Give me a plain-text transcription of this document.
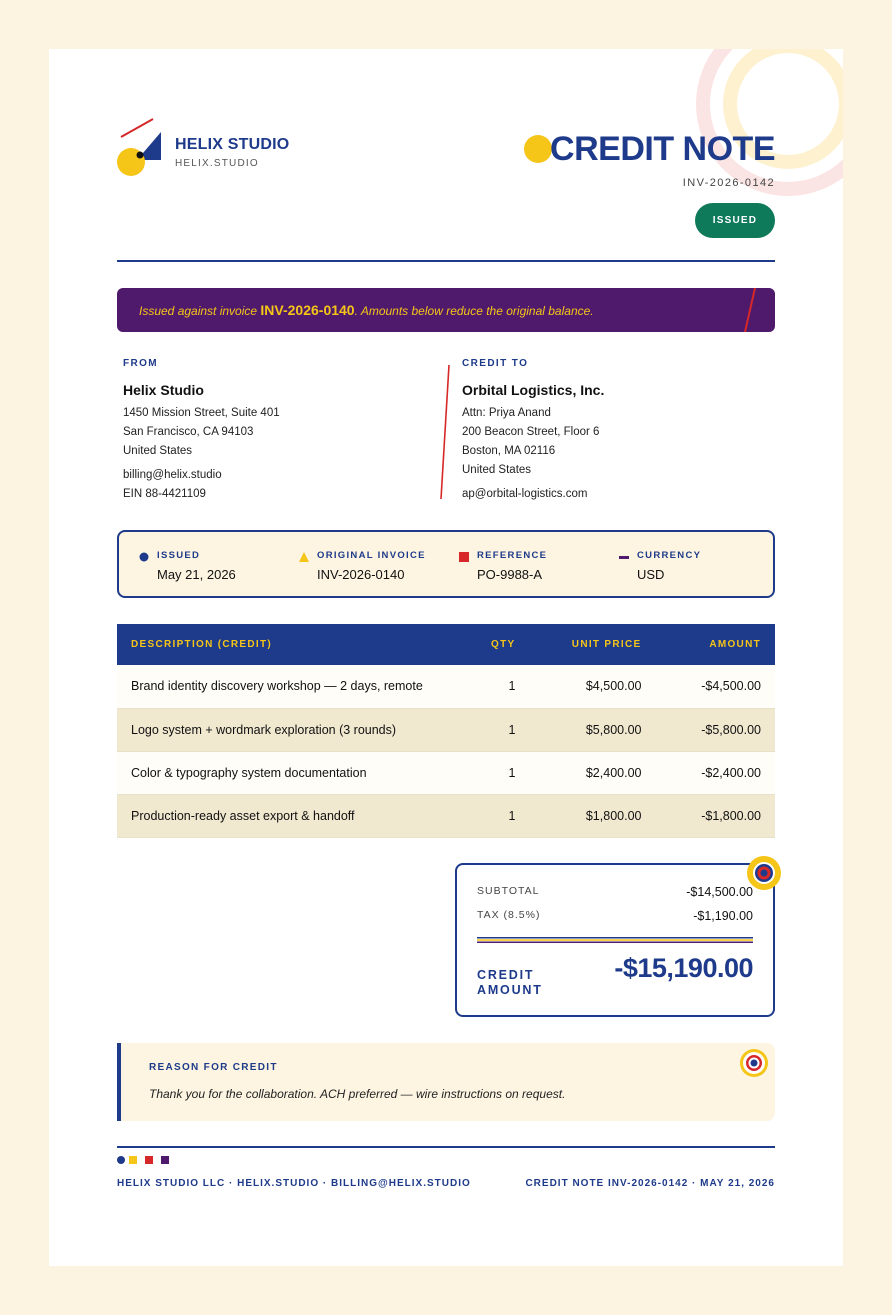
HELIX STUDIO
HELIX.STUDIO	CREDIT NOTE
INV-2026-0142
ISSUED
Issued against invoice INV-2026-0140. Amounts below reduce the original balance.
FROM
Helix Studio
1450 Mission Street, Suite 401
San Francisco, CA 94103
United States
billing@helix.studio
EIN 88-4421109
CREDIT TO
Orbital Logistics, Inc.
Attn: Priya Anand
200 Beacon Street, Floor 6
Boston, MA 02116
United States
ap@orbital-logistics.com
ISSUED
May 21, 2026
ORIGINAL INVOICE
INV-2026-0140
REFERENCE
PO-9988-A
CURRENCY
USD
DESCRIPTION (CREDIT)	QTY	UNIT PRICE	AMOUNT
Brand identity discovery workshop — 2 days, remote	1	$4,500.00	-$4,500.00
Logo system + wordmark exploration (3 rounds)	1	$5,800.00	-$5,800.00
Color & typography system documentation	1	$2,400.00	-$2,400.00
Production-ready asset export & handoff	1	$1,800.00	-$1,800.00
SUBTOTAL	-$14,500.00
TAX (8.5%)	-$1,190.00
CREDIT AMOUNT
-$15,190.00
REASON FOR CREDIT
Thank you for the collaboration. ACH preferred — wire instructions on request.
HELIX STUDIO LLC · HELIX.STUDIO · BILLING@HELIX.STUDIO	CREDIT NOTE INV-2026-0142 · MAY 21, 2026
